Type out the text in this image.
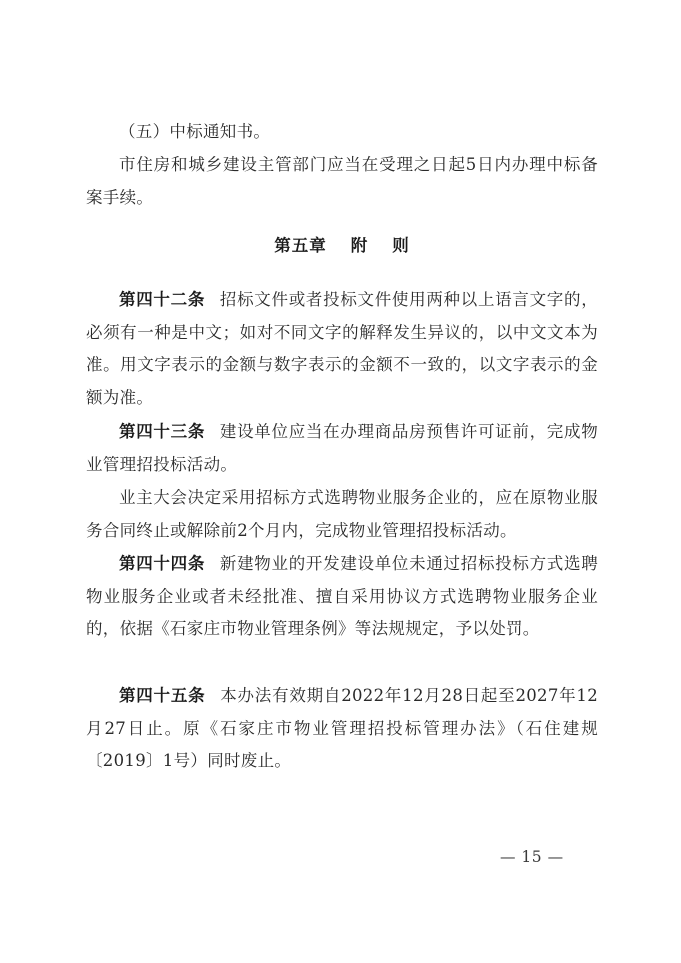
（五）中标通知书。

市住房和城乡建设主管部门应当在受理之日起5日内办理中标备案手续。

第五章 附 则

第四十二条 招标文件或者投标文件使用两种以上语言文字的，必须有一种是中文；如对不同文字的解释发生异议的，以中文文本为准。用文字表示的金额与数字表示的金额不一致的，以文字表示的金额为准。

第四十三条 建设单位应当在办理商品房预售许可证前，完成物业管理招投标活动。

业主大会决定采用招标方式选聘物业服务企业的，应在原物业服务合同终止或解除前2个月内，完成物业管理招投标活动。

第四十四条 新建物业的开发建设单位未通过招标投标方式选聘物业服务企业或者未经批准、擅自采用协议方式选聘物业服务企业的，依据《石家庄市物业管理条例》等法规规定，予以处罚。

第四十五条 本办法有效期自2022年12月28日起至2027年12月27日止。原《石家庄市物业管理招投标管理办法》（石住建规〔2019〕1号）同时废止。

— 15 —
